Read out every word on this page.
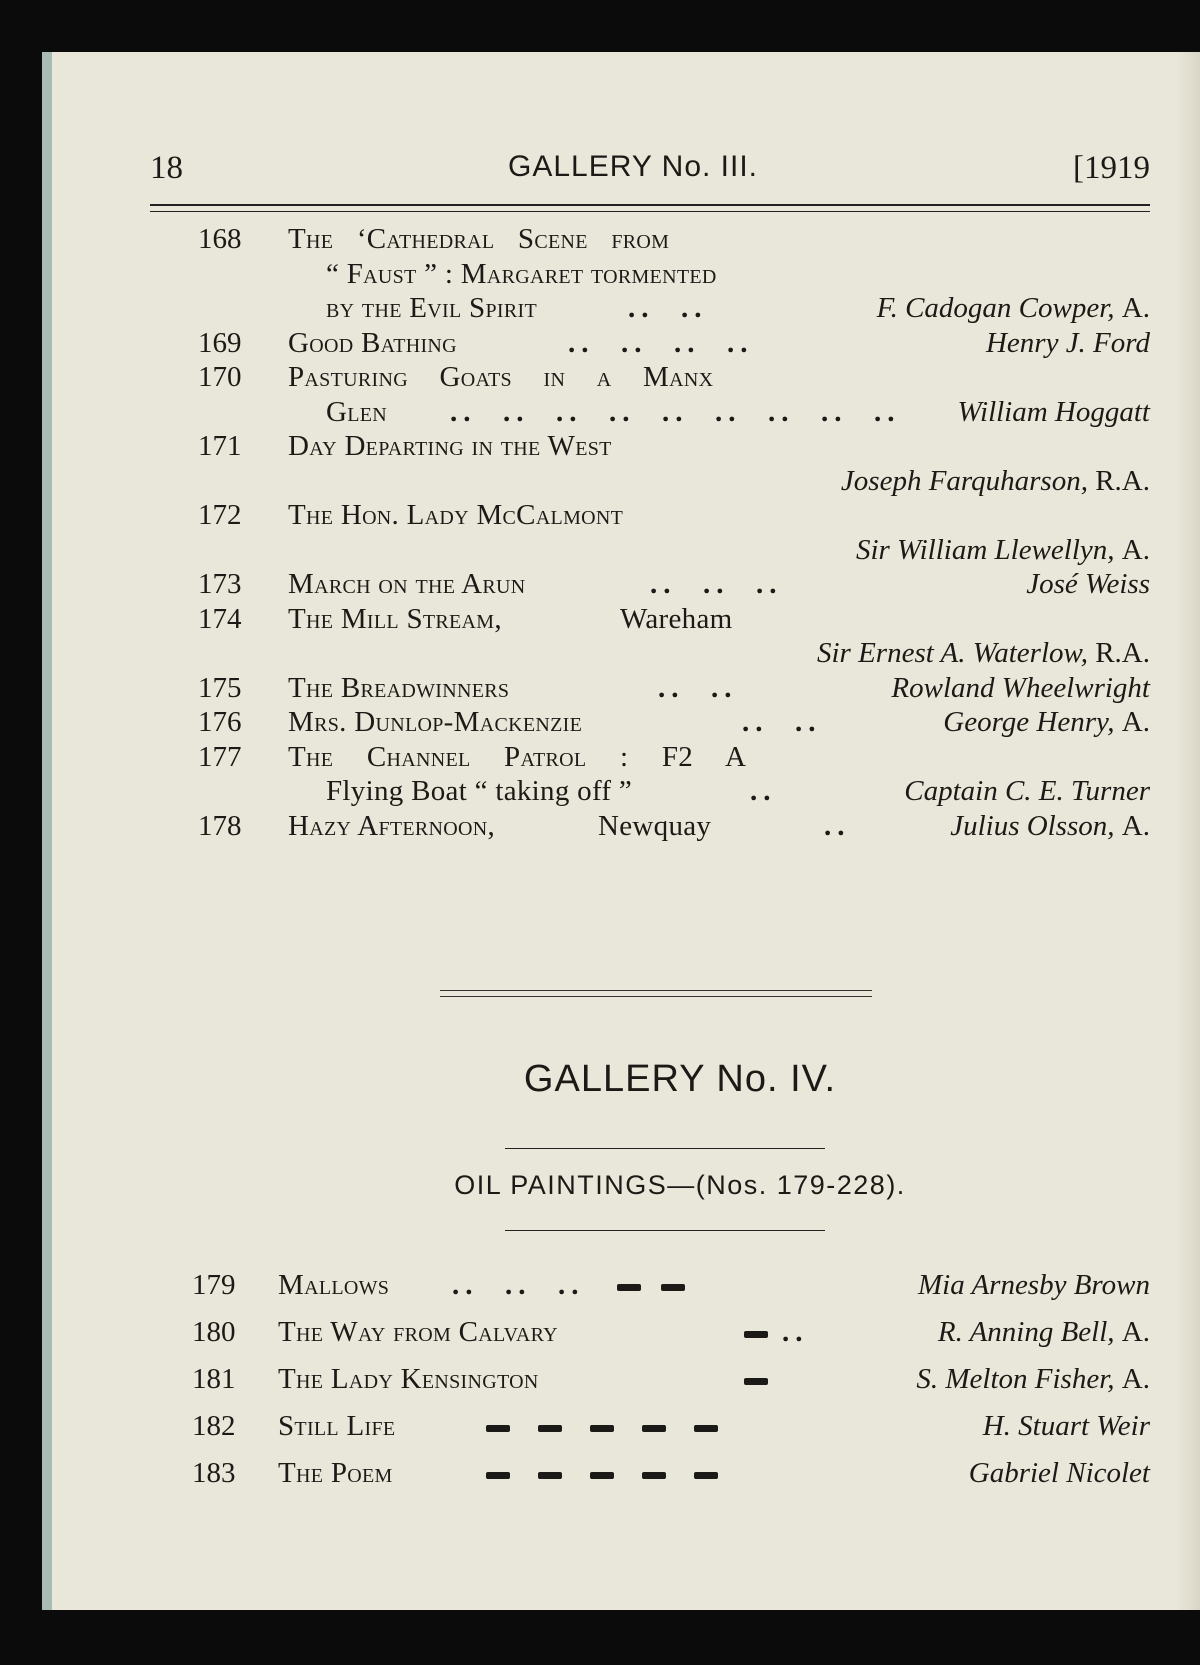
18	GALLERY No. III.	[1919
168	The ‘Cathedral Scene from
“ Faust ” : Margaret tormented
by the Evil Spirit	..  ..	F. Cadogan Cowper, A.
169	Good Bathing	..  ..  ..  ..	Henry J. Ford
170	Pasturing Goats in a Manx
Glen ..  ..  ..  ..  ..  ..  ..  ..  .. William Hoggatt
171	Day Departing in the West
Joseph Farquharson, R.A.
172	The Hon. Lady McCalmont
Sir William Llewellyn, A.
173	March on the Arun	..  ..  ..	José Weiss
174	The Mill Stream,	Wareham
Sir Ernest A. Waterlow, R.A.
175	The Breadwinners	..  ..	Rowland Wheelwright
176	Mrs. Dunlop-Mackenzie	..  ..	George Henry, A.
177	The Channel Patrol : F2 A
Flying Boat “ taking off ”	..	Captain C. E. Turner
178	Hazy Afternoon,	Newquay	..	Julius Olsson, A.
GALLERY No. IV.
OIL PAINTINGS—(Nos. 179-228).
179	Mallows ..  ..  ..	Mia Arnesby Brown
180	The Way from Calvary	..	R. Anning Bell, A.
181	The Lady Kensington	S. Melton Fisher, A.
182	Still Life	H. Stuart Weir
183	The Poem	Gabriel Nicolet
